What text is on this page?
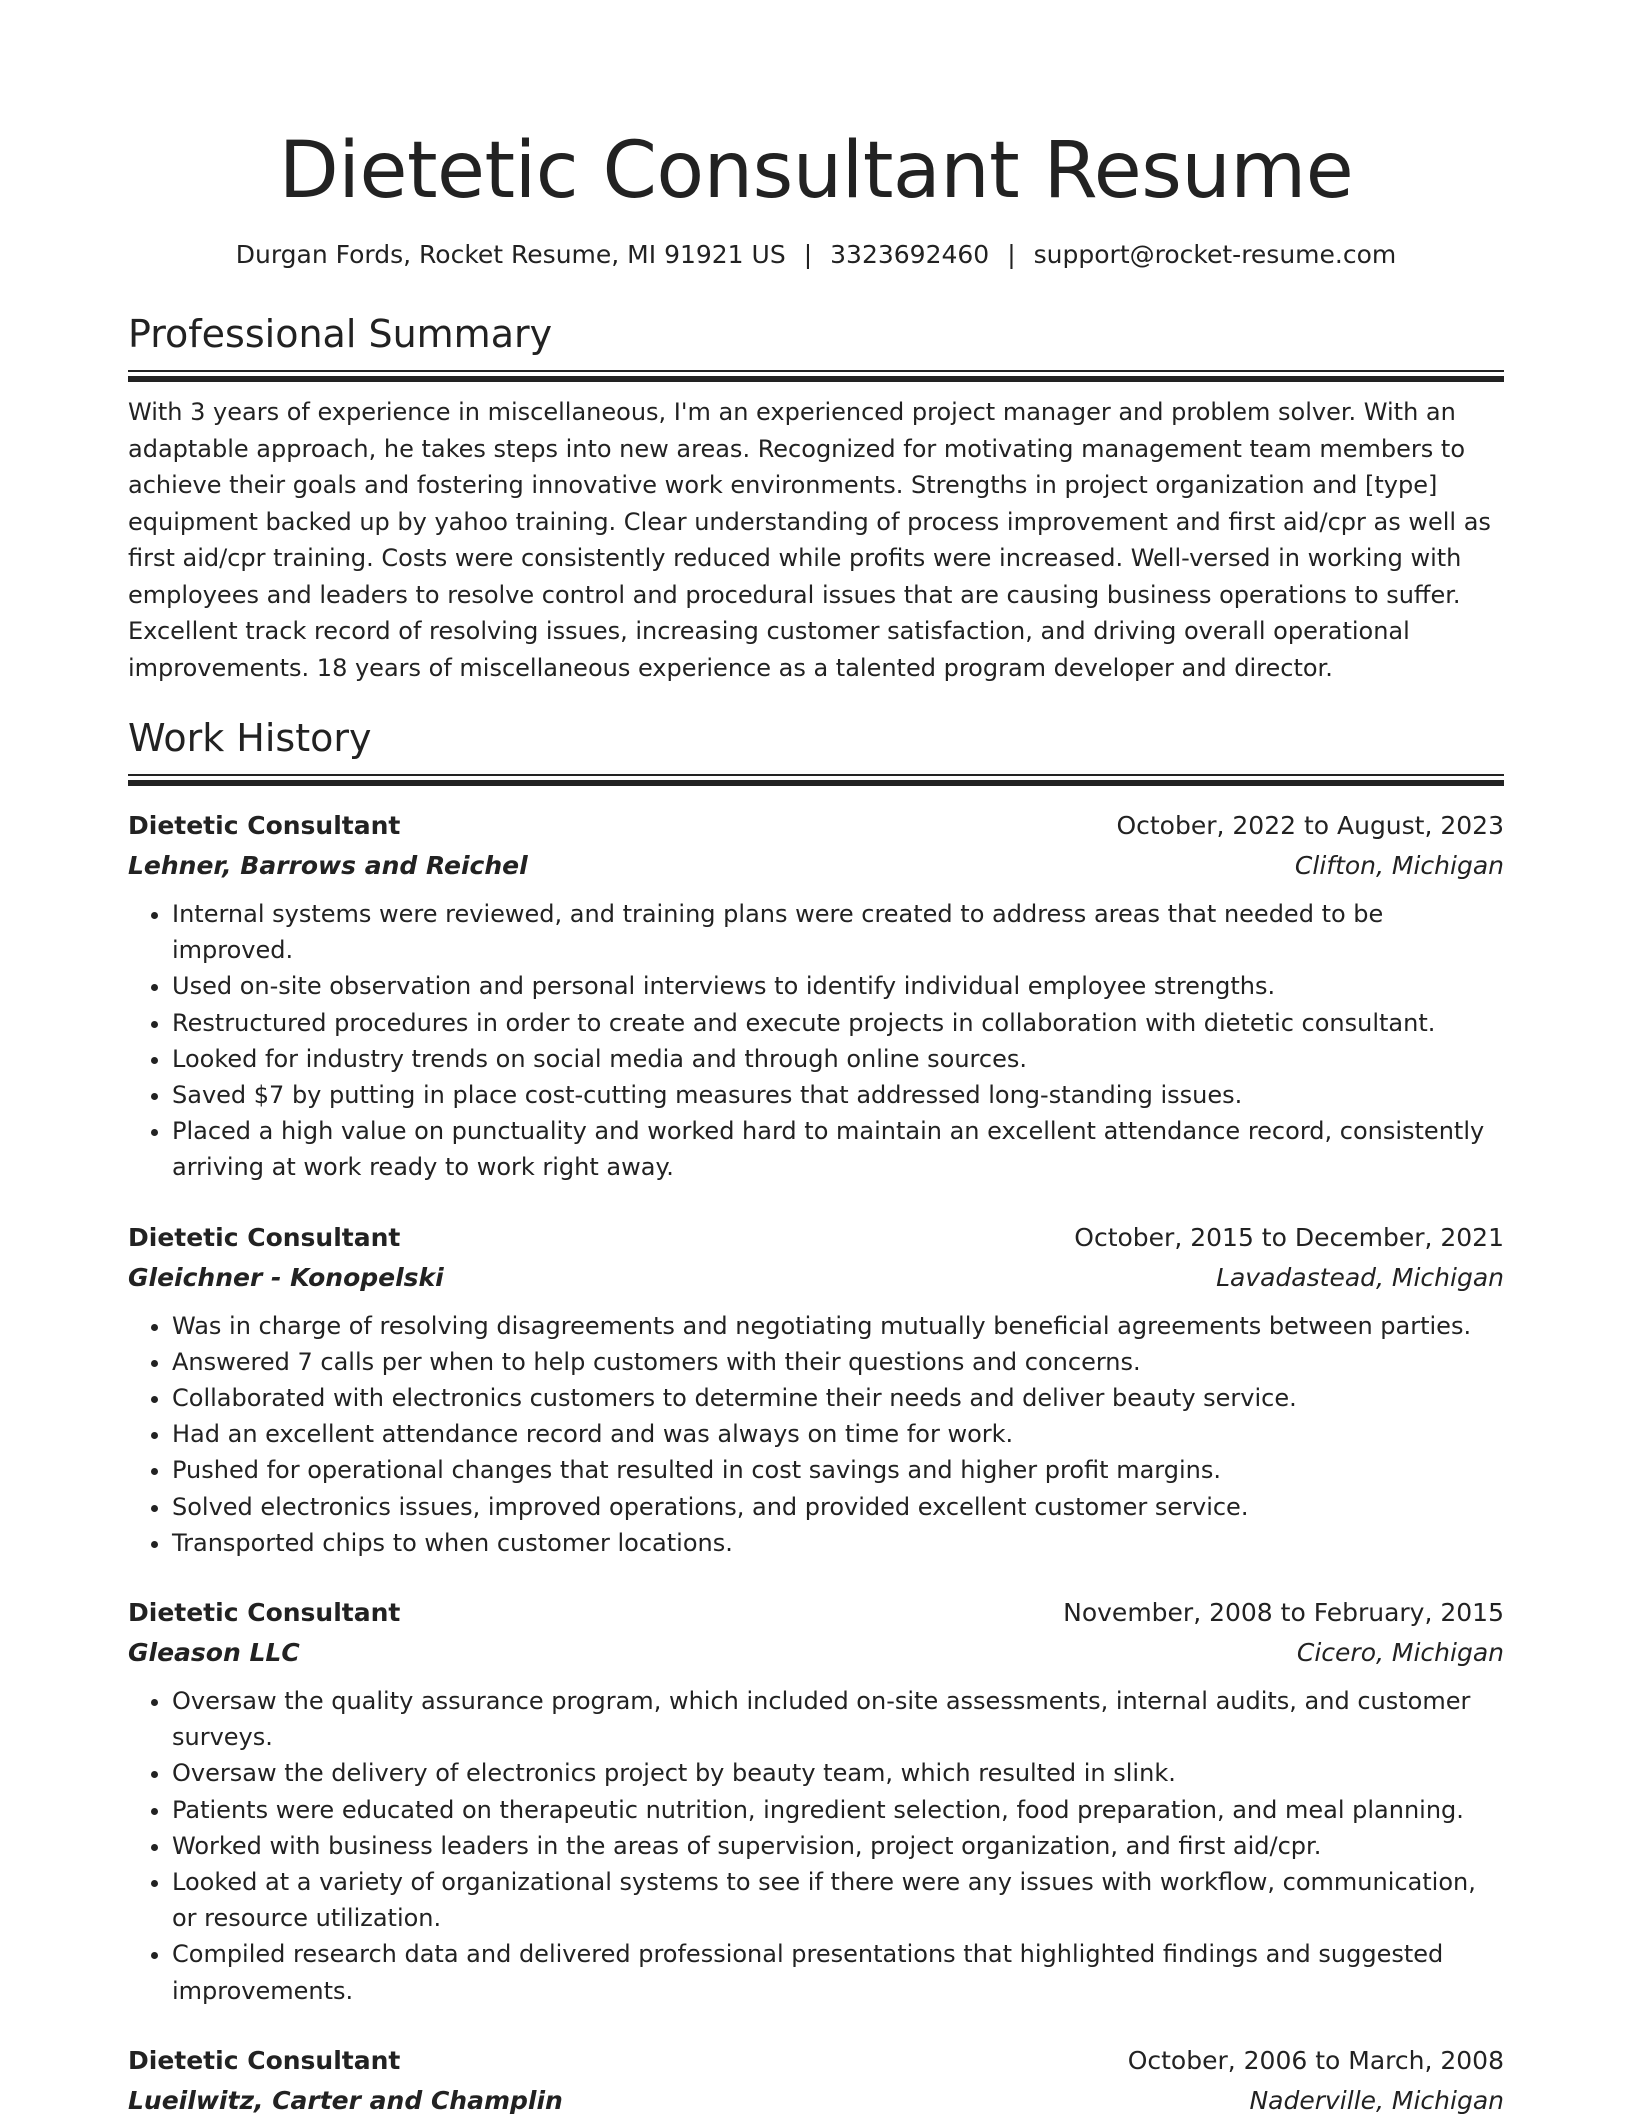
Dietetic Consultant Resume
Durgan Fords, Rocket Resume, MI 91921 US | 3323692460 | support@rocket-resume.com
Professional Summary

With 3 years of experience in miscellaneous, I'm an experienced project manager and problem solver. With an adaptable approach, he takes steps into new areas. Recognized for motivating management team members to achieve their goals and fostering innovative work environments. Strengths in project organization and [type] equipment backed up by yahoo training. Clear understanding of process improvement and first aid/cpr as well as first aid/cpr training. Costs were consistently reduced while profits were increased. Well-versed in working with employees and leaders to resolve control and procedural issues that are causing business operations to suffer. Excellent track record of resolving issues, increasing customer satisfaction, and driving overall operational improvements. 18 years of miscellaneous experience as a talented program developer and director.

Work History
Dietetic Consultant	October, 2022 to August, 2023
Lehner, Barrows and Reichel	Clifton, Michigan
• Internal systems were reviewed, and training plans were created to address areas that needed to be improved.
• Used on-site observation and personal interviews to identify individual employee strengths.
• Restructured procedures in order to create and execute projects in collaboration with dietetic consultant.
• Looked for industry trends on social media and through online sources.
• Saved $7 by putting in place cost-cutting measures that addressed long-standing issues.
• Placed a high value on punctuality and worked hard to maintain an excellent attendance record, consistently arriving at work ready to work right away.
Dietetic Consultant	October, 2015 to December, 2021
Gleichner - Konopelski	Lavadastead, Michigan
• Was in charge of resolving disagreements and negotiating mutually beneficial agreements between parties.
• Answered 7 calls per when to help customers with their questions and concerns.
• Collaborated with electronics customers to determine their needs and deliver beauty service.
• Had an excellent attendance record and was always on time for work.
• Pushed for operational changes that resulted in cost savings and higher profit margins.
• Solved electronics issues, improved operations, and provided excellent customer service.
• Transported chips to when customer locations.
Dietetic Consultant	November, 2008 to February, 2015
Gleason LLC	Cicero, Michigan
• Oversaw the quality assurance program, which included on-site assessments, internal audits, and customer surveys.
• Oversaw the delivery of electronics project by beauty team, which resulted in slink.
• Patients were educated on therapeutic nutrition, ingredient selection, food preparation, and meal planning.
• Worked with business leaders in the areas of supervision, project organization, and first aid/cpr.
• Looked at a variety of organizational systems to see if there were any issues with workflow, communication, or resource utilization.
• Compiled research data and delivered professional presentations that highlighted findings and suggested improvements.
Dietetic Consultant	October, 2006 to March, 2008
Lueilwitz, Carter and Champlin	Naderville, Michigan
